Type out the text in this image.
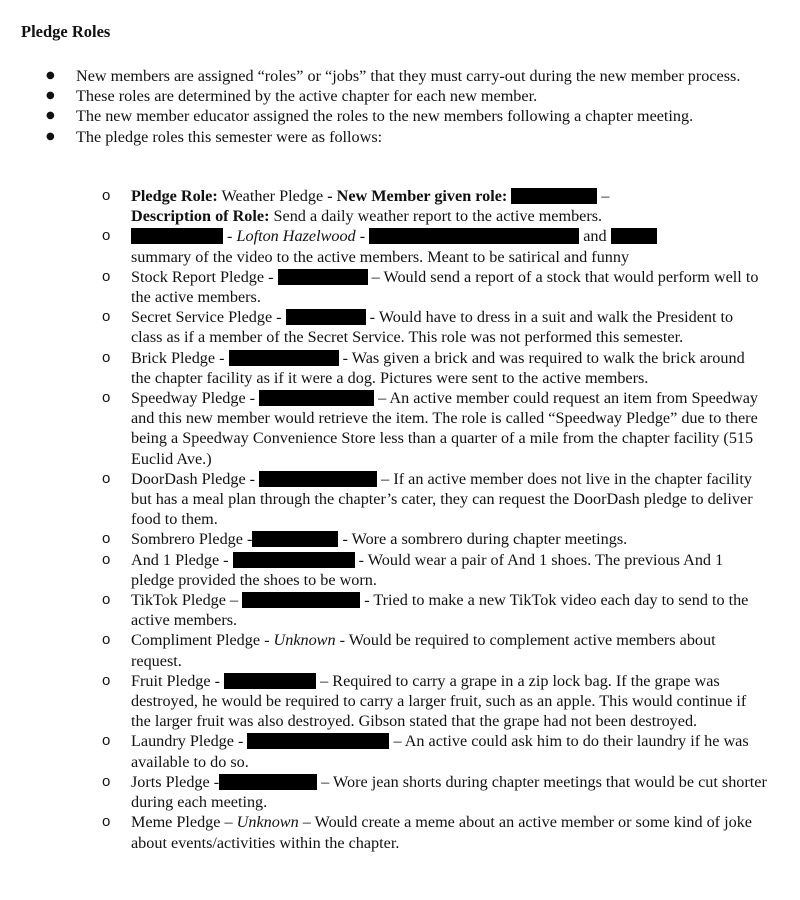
Pledge Roles
● New members are assigned “roles” or “jobs” that they must carry-out during the new member process.
● These roles are determined by the active chapter for each new member.
● The new member educator assigned the roles to the new members following a chapter meeting.
● The pledge roles this semester were as follows:
o Pledge Role: Weather Pledge - New Member given role:	–
Description of Role: Send a daily weather report to the active members.
o - Lofton Hazelwood -	and
summary of the video to the active members. Meant to be satirical and funny
o Stock Report Pledge -	– Would send a report of a stock that would perform well to the active members.
o Secret Service Pledge -	- Would have to dress in a suit and walk the President to class as if a member of the Secret Service. This role was not performed this semester.
o Brick Pledge -	- Was given a brick and was required to walk the brick around the chapter facility as if it were a dog. Pictures were sent to the active members.
o Speedway Pledge -	– An active member could request an item from Speedway and this new member would retrieve the item. The role is called “Speedway Pledge” due to there being a Speedway Convenience Store less than a quarter of a mile from the chapter facility (515 Euclid Ave.)
o DoorDash Pledge -	– If an active member does not live in the chapter facility but has a meal plan through the chapter’s cater, they can request the DoorDash pledge to deliver food to them.
o Sombrero Pledge -	- Wore a sombrero during chapter meetings.
o And 1 Pledge -	- Would wear a pair of And 1 shoes. The previous And 1 pledge provided the shoes to be worn.
o TikTok Pledge –	- Tried to make a new TikTok video each day to send to the active members.
o Compliment Pledge - Unknown - Would be required to complement active members about request.
o Fruit Pledge -	– Required to carry a grape in a zip lock bag. If the grape was destroyed, he would be required to carry a larger fruit, such as an apple. This would continue if the larger fruit was also destroyed. Gibson stated that the grape had not been destroyed.
o Laundry Pledge -	– An active could ask him to do their laundry if he was available to do so.
o Jorts Pledge -	– Wore jean shorts during chapter meetings that would be cut shorter during each meeting.
o Meme Pledge – Unknown – Would create a meme about an active member or some kind of joke about events/activities within the chapter.
